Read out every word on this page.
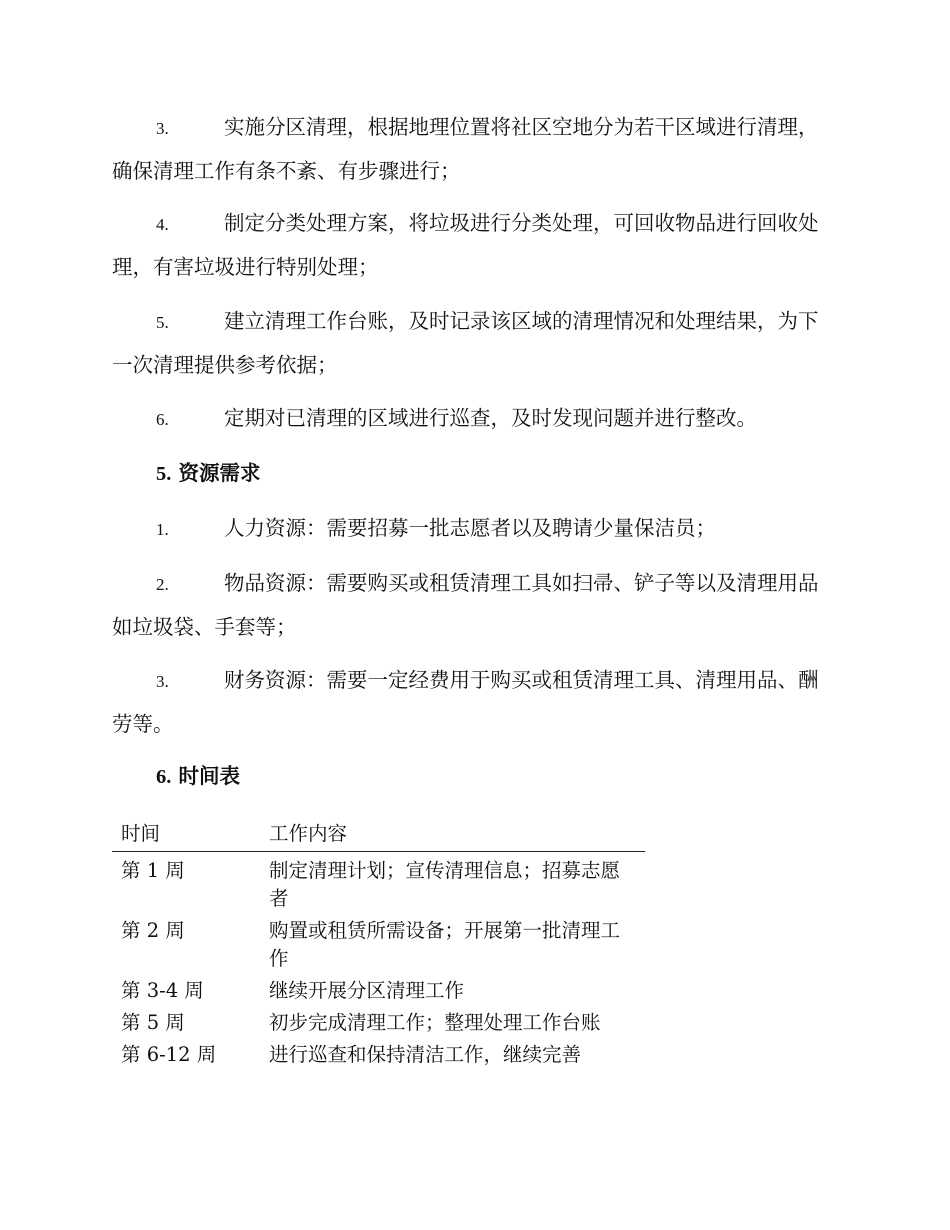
3.	实施分区清理，根据地理位置将社区空地分为若干区域进行清理，确保清理工作有条不紊、有步骤进行；

4.	制定分类处理方案，将垃圾进行分类处理，可回收物品进行回收处理，有害垃圾进行特别处理；

5.	建立清理工作台账，及时记录该区域的清理情况和处理结果，为下一次清理提供参考依据；

6.	定期对已清理的区域进行巡查，及时发现问题并进行整改。

5. 资源需求

1.	人力资源：需要招募一批志愿者以及聘请少量保洁员；

2.	物品资源：需要购买或租赁清理工具如扫帚、铲子等以及清理用品如垃圾袋、手套等；

3.	财务资源：需要一定经费用于购买或租赁清理工具、清理用品、酬劳等。

6. 时间表
时间	工作内容
第 1 周	制定清理计划；宣传清理信息；招募志愿者
第 2 周	购置或租赁所需设备；开展第一批清理工作
第 3-4 周	继续开展分区清理工作
第 5 周	初步完成清理工作；整理处理工作台账
第 6-12 周	进行巡查和保持清洁工作，继续完善
